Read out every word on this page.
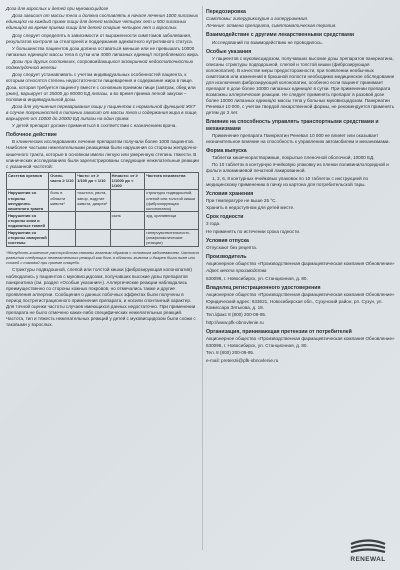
Доза для взрослых и детей при муковисцидозе

Доза зависит от массы тела и должна составлять в начале лечения 1000 липазных единиц/кг на каждый прием пищи для детей младше четырех лет и 500 липазных единиц/кг во время приема пищи для детей старше четырех лет и взрослых.

Дозу следует определять в зависимости от выраженности симптомов заболевания, результатов контроля за стеатореей и поддержания адекватного нутритивного статуса.

У большинства пациентов доза должна оставаться меньше или не превышать 10000 липазных единиц/кг массы тела в сутки или 4000 липазных единиц/г потребляемого жира.

Дозы при других состояниях, сопровождающихся экзокринной недостаточностью поджелудочной железы

Дозу следует устанавливать с учетом индивидуальных особенностей пациента, к которым относятся степень недостаточности пищеварения и содержание жира в пище. Доза, которая требуется пациенту вместе с основным приемом пищи (завтрак, обед или ужин), варьирует от 25000 до 80000 ЕД липазы, а во время приема легкой закуски – половина индивидуальной дозы.

Доза для улучшения переваривания пищи у пациентов с нормальной функцией ЖКТ в случае погрешностей в питании зависит от массы тела и содержания жира в пище, варьирует от 10000 до 20000 ЕД липазы на один прием.

У детей препарат должен применяться в соответствии с назначением врача.

Побочное действие

В клинических исследованиях лечение препаратом получали более 1000 пациентов. Наиболее частыми нежелательными реакциями были нарушения со стороны желудочно-кишечного тракта, которые в основном имели легкую или умеренную степень тяжести. В клинических исследованиях были зарегистрированы следующие нежелательные реакции с указанной частотой:

Система органов	Очень часто ≥ 1/10	Часто: от ≥ 1/100 до < 1/10	Нечасто: от ≥ 1/1000 до < 1/100	Частота неизвестна
Нарушения со стороны желудочно-кишечного тракта	боль в области живота*	тошнота, рвота, запор, вздутие живота, диарея*		стриктуры подвздошной, слепой или толстой кишки (фиброзирующая колонопатия)
Нарушения со стороны кожи и подкожных тканей			сыпь	зуд, крапивница
Нарушения со стороны иммунной системы				гиперчувствительность (анафилактические реакции)
*Желудочно-кишечные расстройства связаны главным образом с основным заболеванием. Частота развития следующих нежелательных реакций как боль в области живота и диарея была ниже или схожей с таковой при приеме плацебо.

Стриктуры подвздошной, слепой или толстой кишки (фиброзирующая колонопатия) наблюдались у пациентов с муковисцидозом, получавших высокие дозы препаратов панкреатина (см. раздел «Особые указания»). Аллергические реакции наблюдались преимущественно со стороны кожных покровов, но отмечались также и другие проявления аллергии. Сообщения о данных побочных эффектах были получены в период пострегистрационного применения препарата, и носили спонтанный характер. Для точной оценки частоты случаев имеющихся данных недостаточно. При применении препарата не было отмечено каких-либо специфических нежелательных реакций. Частота, тип и тяжесть нежелательных реакций у детей с муковисцидозом были схожи с таковыми у взрослых.

Передозировка

Симптомы: гиперурикозурия и гиперурикемия.

Лечение: отмена препарата, симптоматическая терапия.

Взаимодействие с другими лекарственными средствами

Исследований по взаимодействию не проводилось.

Особые указания

У пациентов с муковисцидозом, получавших высокие дозы препаратов панкреатина, описаны стриктуры подвздошной, слепой и толстой кишки (фиброзирующая колонопатия). В качестве меры предосторожности, при появлении необычных симптомов или изменений в брюшной полости необходимо медицинское обследование для исключения фиброзирующей колонопатии, особенно если пациент принимает препарат в дозе более 10000 липазных единиц/кг в сутки. При применении препарата возможны аллергические реакции. Не следует применять препарат в разовой дозе более 10000 липазных единиц/кг массы тела у больных муковисцидозом. Панкреатин Реневал 10 000, с учетом твердой лекарственной формы, не рекомендуется применять детям до 3 лет.

Влияние на способность управлять транспортными средствами и механизмами

Применение препарата Панкреатин Реневал 10 000 не влияет или оказывает незначительное влияние на способность к управлению автомобилем и механизмами.

Форма выпуска

Таблетки кишечнорастворимые, покрытые пленочной оболочкой, 10000 ЕД.

По 10 таблеток в контурную ячейковую упаковку из пленки поливинилхлоридной и фольги алюминиевой печатной лакированной.

1, 2, 6, 8 контурных ячейковых упаковок по 10 таблеток с инструкцией по медицинскому применению в пачку из картона для потребительской тары.

Условия хранения

При температуре не выше 25 °С.

Хранить в недоступном для детей месте.

Срок годности

3 года.

Не применять по истечении срока годности.

Условия отпуска

Отпускают без рецепта.

Производитель

Акционерное общество «Производственная фармацевтическая компания Обновление»

Адрес места производства

630096, г. Новосибирск, ул. Станционная, д. 80.

Владелец регистрационного удостоверения

Акционерное общество «Производственная фармацевтическая компания Обновление»

Юридический адрес: 633621, Новосибирская обл., Сузунский район, рп. Сузун, ул. Комиссара Зятькова, д. 18.

Тел./факс 8 (800) 200-09-95.

http://www.pfk-obnovlenie.ru

Организация, принимающая претензии от потребителей

Акционерное общество «Производственная фармацевтическая компания Обновление»

630096, г. Новосибирск, ул. Станционная, д. 80.

Тел. 8 (800) 200-09-95.

e-mail: pretenzii@pfk-obnovlenie.ru

RENEWAL
